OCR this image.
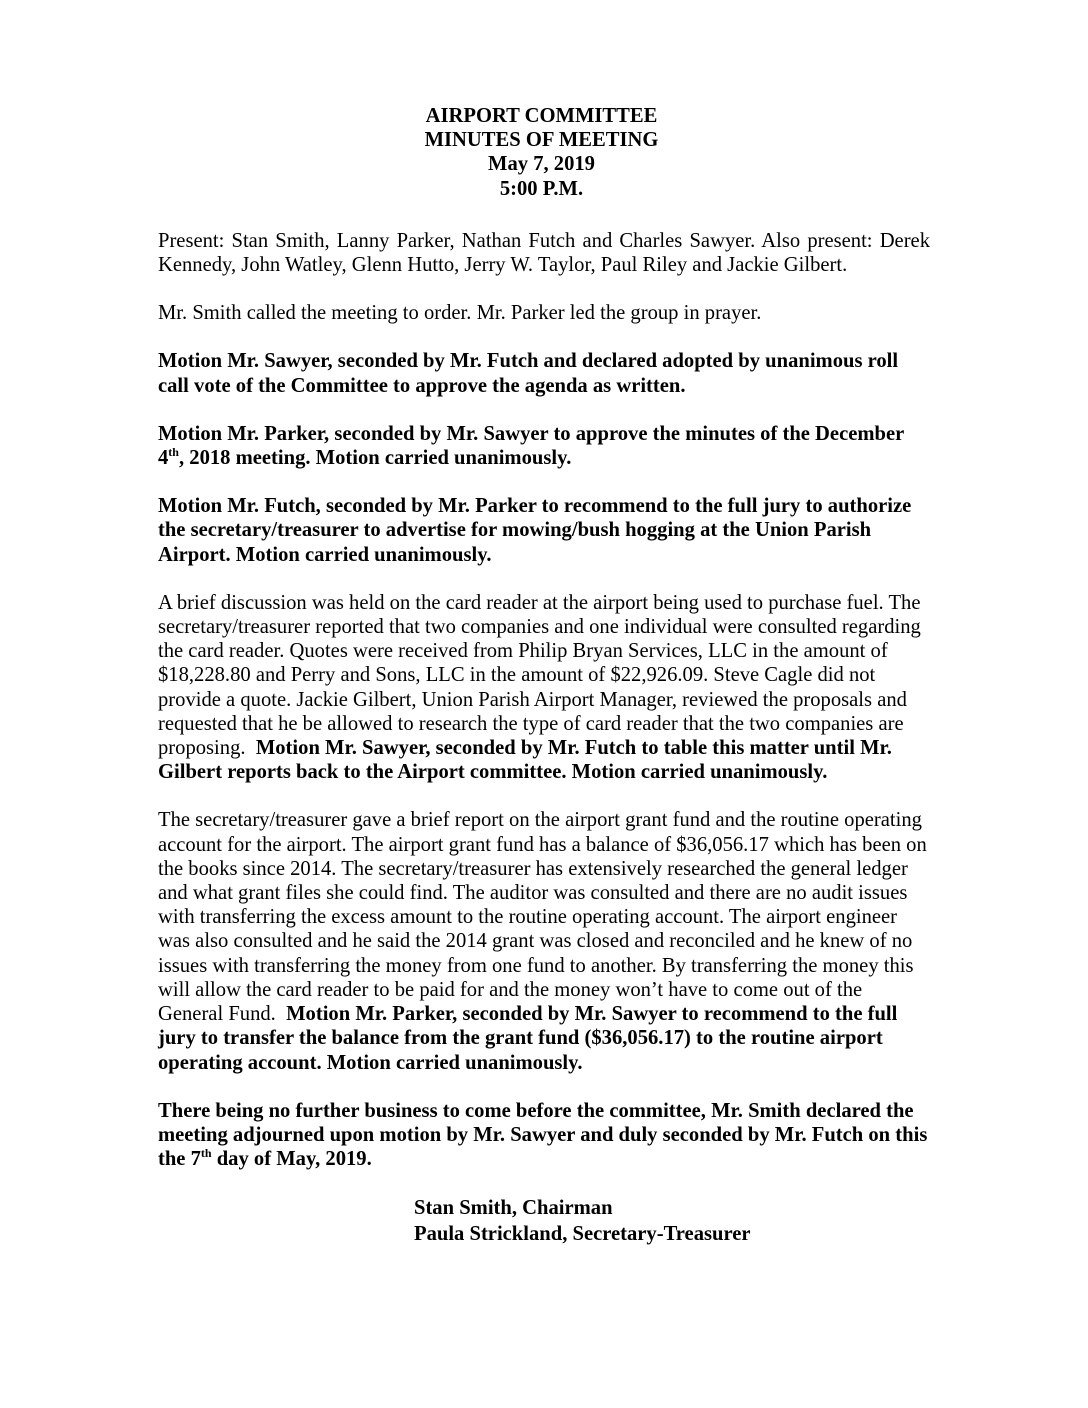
AIRPORT COMMITTEE
MINUTES OF MEETING
May 7, 2019
5:00 P.M.

Present: Stan Smith, Lanny Parker, Nathan Futch and Charles Sawyer. Also present: Derek Kennedy, John Watley, Glenn Hutto, Jerry W. Taylor, Paul Riley and Jackie Gilbert.

Mr. Smith called the meeting to order. Mr. Parker led the group in prayer.

Motion Mr. Sawyer, seconded by Mr. Futch and declared adopted by unanimous roll call vote of the Committee to approve the agenda as written.

Motion Mr. Parker, seconded by Mr. Sawyer to approve the minutes of the December 4th, 2018 meeting. Motion carried unanimously.

Motion Mr. Futch, seconded by Mr. Parker to recommend to the full jury to authorize the secretary/treasurer to advertise for mowing/bush hogging at the Union Parish Airport. Motion carried unanimously.

A brief discussion was held on the card reader at the airport being used to purchase fuel. The secretary/treasurer reported that two companies and one individual were consulted regarding the card reader. Quotes were received from Philip Bryan Services, LLC in the amount of $18,228.80 and Perry and Sons, LLC in the amount of $22,926.09. Steve Cagle did not provide a quote. Jackie Gilbert, Union Parish Airport Manager, reviewed the proposals and requested that he be allowed to research the type of card reader that the two companies are proposing. Motion Mr. Sawyer, seconded by Mr. Futch to table this matter until Mr. Gilbert reports back to the Airport committee. Motion carried unanimously.

The secretary/treasurer gave a brief report on the airport grant fund and the routine operating account for the airport. The airport grant fund has a balance of $36,056.17 which has been on the books since 2014. The secretary/treasurer has extensively researched the general ledger and what grant files she could find. The auditor was consulted and there are no audit issues with transferring the excess amount to the routine operating account. The airport engineer was also consulted and he said the 2014 grant was closed and reconciled and he knew of no issues with transferring the money from one fund to another. By transferring the money this will allow the card reader to be paid for and the money won’t have to come out of the General Fund. Motion Mr. Parker, seconded by Mr. Sawyer to recommend to the full jury to transfer the balance from the grant fund ($36,056.17) to the routine airport operating account. Motion carried unanimously.

There being no further business to come before the committee, Mr. Smith declared the meeting adjourned upon motion by Mr. Sawyer and duly seconded by Mr. Futch on this the 7th day of May, 2019.

Stan Smith, Chairman
Paula Strickland, Secretary-Treasurer
